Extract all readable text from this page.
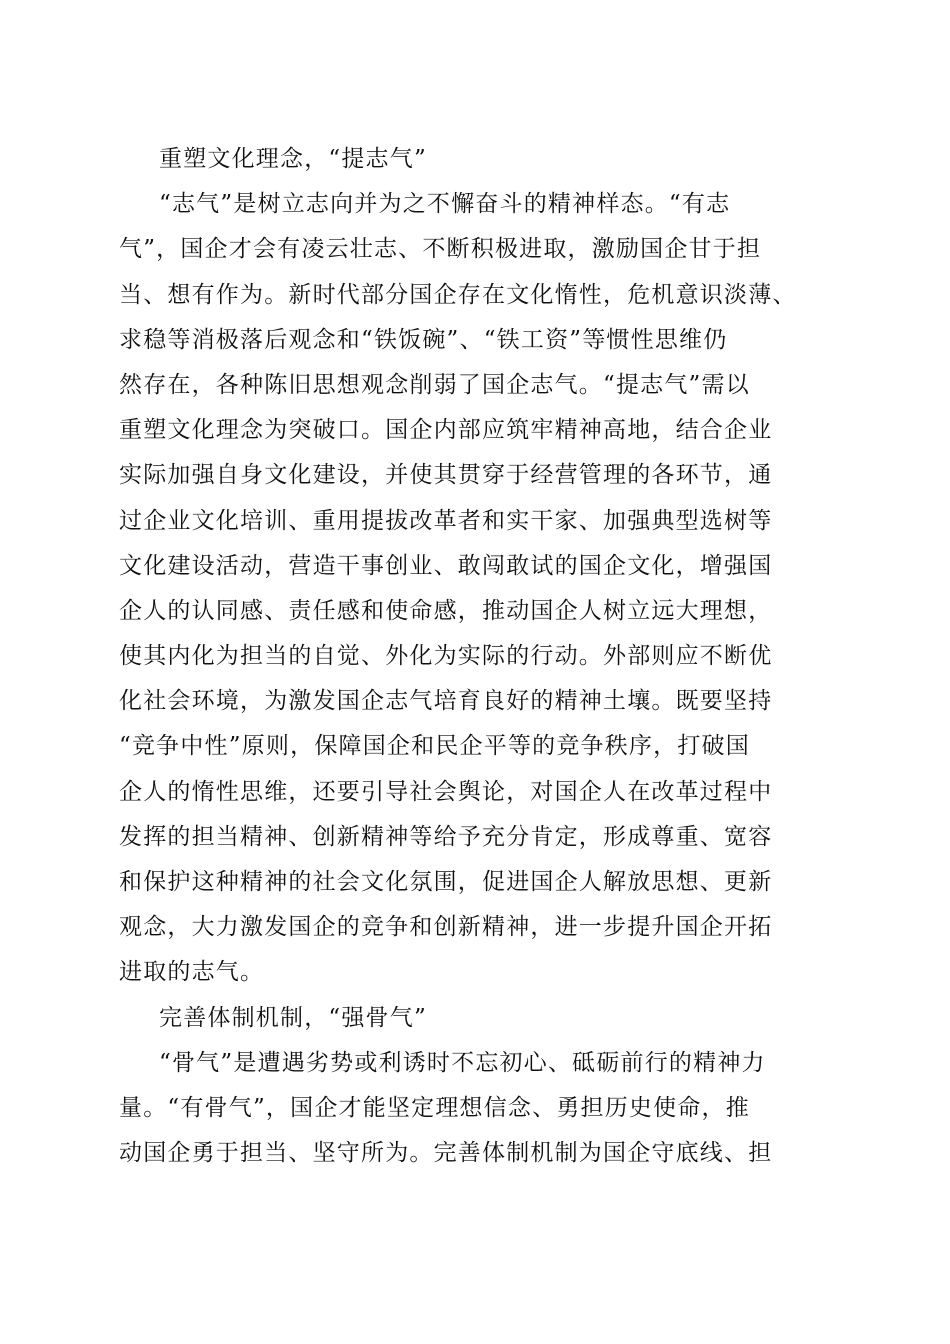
重塑文化理念，“提志气”
“志气”是树立志向并为之不懈奋斗的精神样态。“有志
气”，国企才会有凌云壮志、不断积极进取，激励国企甘于担
当、想有作为。新时代部分国企存在文化惰性，危机意识淡薄、
求稳等消极落后观念和“铁饭碗”、“铁工资”等惯性思维仍
然存在，各种陈旧思想观念削弱了国企志气。“提志气”需以
重塑文化理念为突破口。国企内部应筑牢精神高地，结合企业
实际加强自身文化建设，并使其贯穿于经营管理的各环节，通
过企业文化培训、重用提拔改革者和实干家、加强典型选树等
文化建设活动，营造干事创业、敢闯敢试的国企文化，增强国
企人的认同感、责任感和使命感，推动国企人树立远大理想，
使其内化为担当的自觉、外化为实际的行动。外部则应不断优
化社会环境，为激发国企志气培育良好的精神土壤。既要坚持
“竞争中性”原则，保障国企和民企平等的竞争秩序，打破国
企人的惰性思维，还要引导社会舆论，对国企人在改革过程中
发挥的担当精神、创新精神等给予充分肯定，形成尊重、宽容
和保护这种精神的社会文化氛围，促进国企人解放思想、更新
观念，大力激发国企的竞争和创新精神，进一步提升国企开拓
进取的志气。
完善体制机制，“强骨气”
“骨气”是遭遇劣势或利诱时不忘初心、砥砺前行的精神力
量。“有骨气”，国企才能坚定理想信念、勇担历史使命，推
动国企勇于担当、坚守所为。完善体制机制为国企守底线、担
